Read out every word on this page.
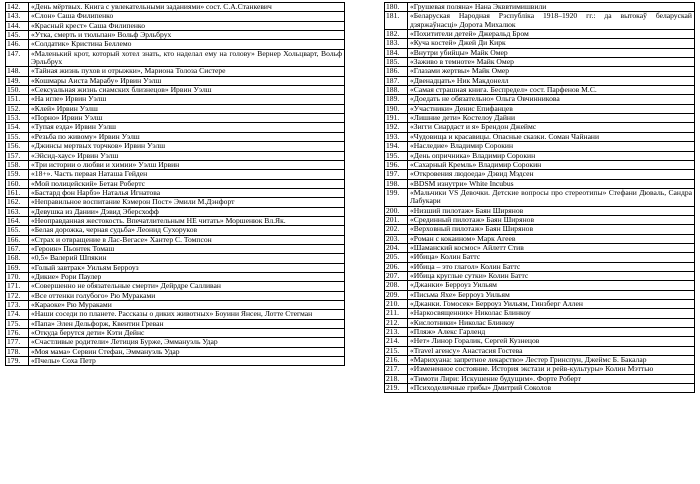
142.	«День мёртвых. Книга с увлекательными заданиями» сост. С.А.Станкевич
143.	«Слон» Саша Филипенко
144.	«Красный крест» Саша Филипенко
145.	«Утка, смерть и тюльпан» Вольф Эрльбрух
146.	«Солдатик» Кристина Беллемо
147.	«Маленький крот, который хотел знать, кто наделал ему на голову» Вернер Хольцварт, Вольф Эрльбрух
148.	«Тайная жизнь пухов и отрыжки», Мариона Толоза Систере
149.	«Кошмары Аиста Марабу» Ирвин Уэлш
150.	«Сексуальная жизнь сиамских близнецов» Ирвин Уэлш
151.	«На игле» Ирвин Уэлш
152.	«Клей» Ирвин Уэлш
153.	«Порно» Ирвин Уэлш
154.	«Тупая езда» Ирвин Уэлш
155.	«Резьба по живому» Ирвин Уэлш
156.	«Джинсы мертвых торчков» Ирвин Уэлш
157.	«Эйсид-хаус» Ирвин Уэлш
158.	«Три истории о любви и химии» Уэлш Ирвин
159.	«18+». Часть первая Наташа Гейден
160.	«Мой полицейский» Бетан Робертс
161.	«Бастард фон Нарбэ» Наталья Игнатова
162.	«Неправильное воспитание Кэмерон Пост» Эмили М.Дэнфорт
163.	«Девушка из Дании» Дэвид Эберсхофф
164.	«Неоправданная жестокость. Впечатлительным НЕ читать» Моршенюк Вл.Як.
165.	«Белая дорожка, черная судьба» Леонид Сухоруков
166.	«Страх и отвращение в Лас-Вегасе» Хантер С. Томпсон
167.	«Героин» Пьонтек Томаш
168.	«0,5» Валерий Шпякин
169.	«Голый завтрак» Уильям Берроуз
170.	«Дикие» Рори Паулер
171.	«Совершенно не обязательные смерти» Дейрдре Салливан
172.	«Все оттенки голубого» Рю Мураками
173.	«Караоке» Рю Мураками
174.	«Наши соседи по планете. Рассказы о диких животных» Боуини Янсен, Лотте Стегман
175.	«Папа» Элен Дельфорж, Квентин Греван
176.	«Откуда берутся дети» Кэти Дейнс
177.	«Счастливые родители» Летиция Бурже, Эммануэль Удар
178.	«Моя мама» Сервин Стефан, Эммануэль Удар
179.	«Пчелы» Соха Петр
180.	«Грушевая поляна» Нана Экввтимишвили
181.	«Беларуская Народная Рэспубліка 1918–1920 гг.: да вытокаў беларускай дзяржаўнасці» Дорота Михалюк
182.	«Похитители детей» Джеральд Бром
183.	«Куча костей» Джей Ди Кирк
184.	«Внутри убийцы» Майк Омер
185.	«Заживо в темноте» Майк Омер
186.	«Глазами жертвы» Майк Омер
187.	«Двенадцать» Ник Макдонелл
188.	«Самая страшная книга. Беспредел» сост. Парфенов М.С.
189.	«Доедать не обязательно» Ольга Овчинникова
190.	«Участники» Денис Епифанцев
191.	«Лишние дети» Костелоу Дайни
192.	«Зигги Сиардаст и я» Брендон Джеймс
193.	«Чудовища и красавицы. Опасные сказки. Соман Чайнани
194.	«Наследие» Владимир Сорокин
195.	«День опричника» Владимир Сорокин
196.	«Сахарный Кремль» Владимир Сорокин
197.	«Откровения людоеда» Дэвид Мэдсен
198.	«BDSM изнутри» White Incubus
199.	«Мальчики VS Девочки. Детские вопросы про стереотипы» Стефани Дюваль, Сандра Лабукари
200.	«Низший пилотаж» Баян Ширянов
201.	«Срединный пилотаж» Баян Ширянов
202.	«Верховный пилотаж» Баян Ширянов
203.	«Роман с кокаином» Марк Агеев
204.	«Шаманский космос» Айлетт Стив
205.	«Ибица» Колин Баттс
206.	«Ибица – это глагол» Колин Баттс
207.	«Ибица круглые сутки» Колин Баттс
208.	«Джанки» Берроуз Уильям
209.	«Письма Яхе» Берроуз Уильям
210.	«Джанки. Гомосек» Берроуз Уильям, Гинзберг Аллен
211.	«Наркосвященник» Николас Блинкоу
212.	«Кислотники» Николас Блинкоу
213.	«Пляж» Алекс Гарленд
214.	«Нет» Линор Горалик, Сергей Кузнецов
215.	«Travel агенсу» Анастасия Гостева
216.	«Марихуана: запретное лекарство» Лестер Гринспун, Джеймс Б. Бакалар
217.	«Измененное состояние. История экстази и рейв-культуры» Колин Мэттью
218.	«Тимоти Лири: Искушение будущим». Форте Роберт
219.	«Психоделичные грибы» Дмитрий Соколов
